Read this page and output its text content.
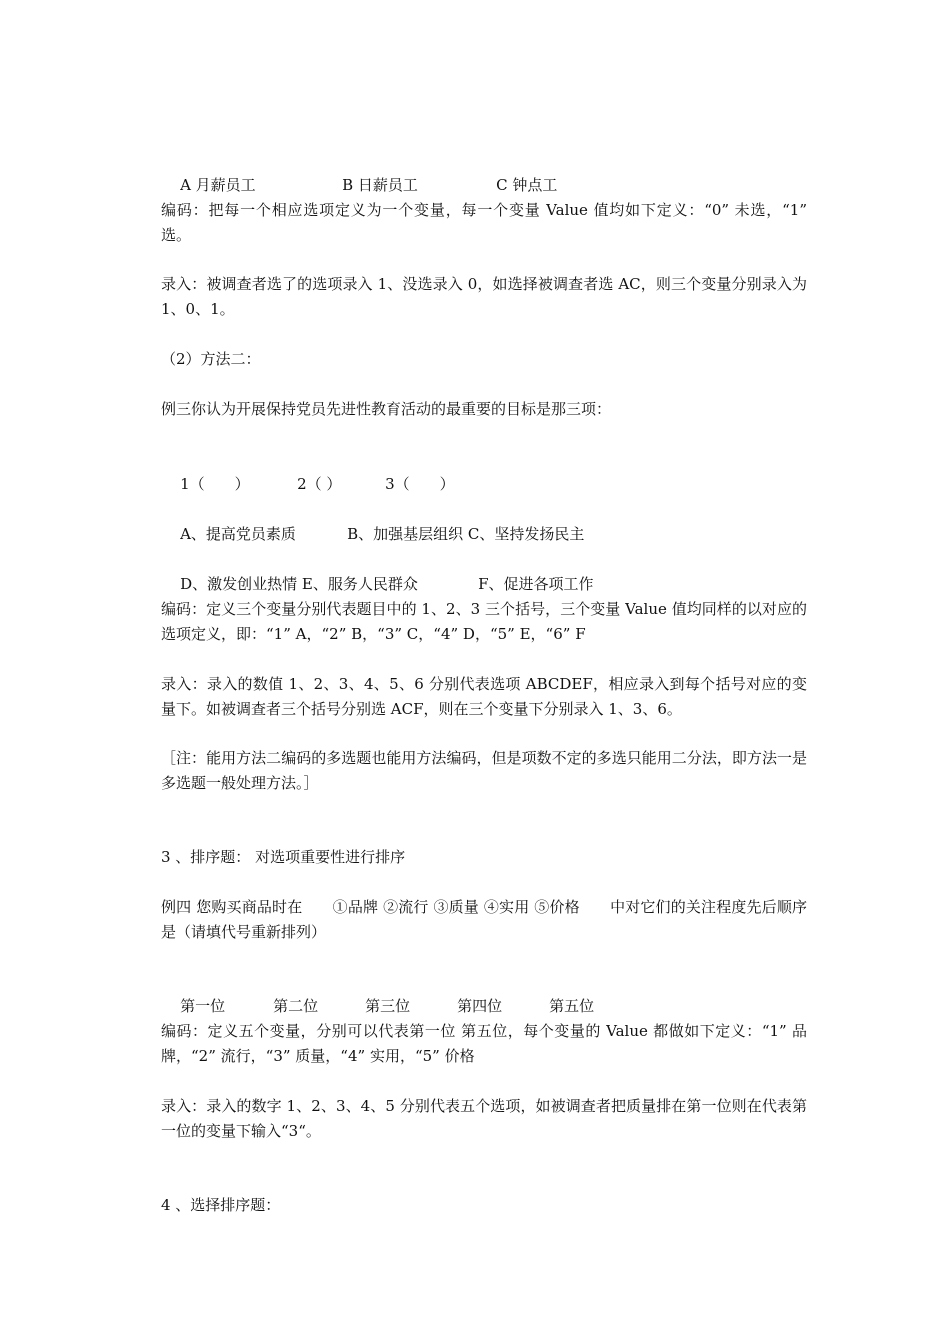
A 月薪员工	B 日薪员工	C 钟点工

编码：把每一个相应选项定义为一个变量，每一个变量 Value 值均如下定义：“0” 未选，“1” 选。
录入：被调查者选了的选项录入 1、没选录入 0，如选择被调查者选 AC，则三个变量分别录入为 1、0、1。
（2）方法二：
例三你认为开展保持党员先进性教育活动的最重要的目标是那三项：

1（　　）	2（ ）	3（　　）

A、提高党员素质	B、加强基层组织 C、坚持发扬民主

D、激发创业热情 E、服务人民群众	F、促进各项工作

编码：定义三个变量分别代表题目中的 1、2、3 三个括号，三个变量 Value 值均同样的以对应的选项定义，即：“1” A，“2” B，“3” C，“4” D，“5” E，“6” F
录入：录入的数值 1、2、3、4、5、6 分别代表选项 ABCDEF，相应录入到每个括号对应的变量下。如被调查者三个括号分别选 ACF，则在三个变量下分别录入 1、3、6。
［注：能用方法二编码的多选题也能用方法编码，但是项数不定的多选只能用二分法，即方法一是多选题一般处理方法。］
3 、排序题： 对选项重要性进行排序
例四 您购买商品时在　　①品牌 ②流行 ③质量 ④实用 ⑤价格　　中对它们的关注程度先后顺序是（请填代号重新排列）

第一位	第二位	第三位	第四位	第五位

编码：定义五个变量，分别可以代表第一位 第五位，每个变量的 Value 都做如下定义：“1” 品牌，“2” 流行，“3” 质量，“4” 实用，“5” 价格
录入：录入的数字 1、2、3、4、5 分别代表五个选项，如被调查者把质量排在第一位则在代表第一位的变量下输入“3“。
4 、选择排序题：
